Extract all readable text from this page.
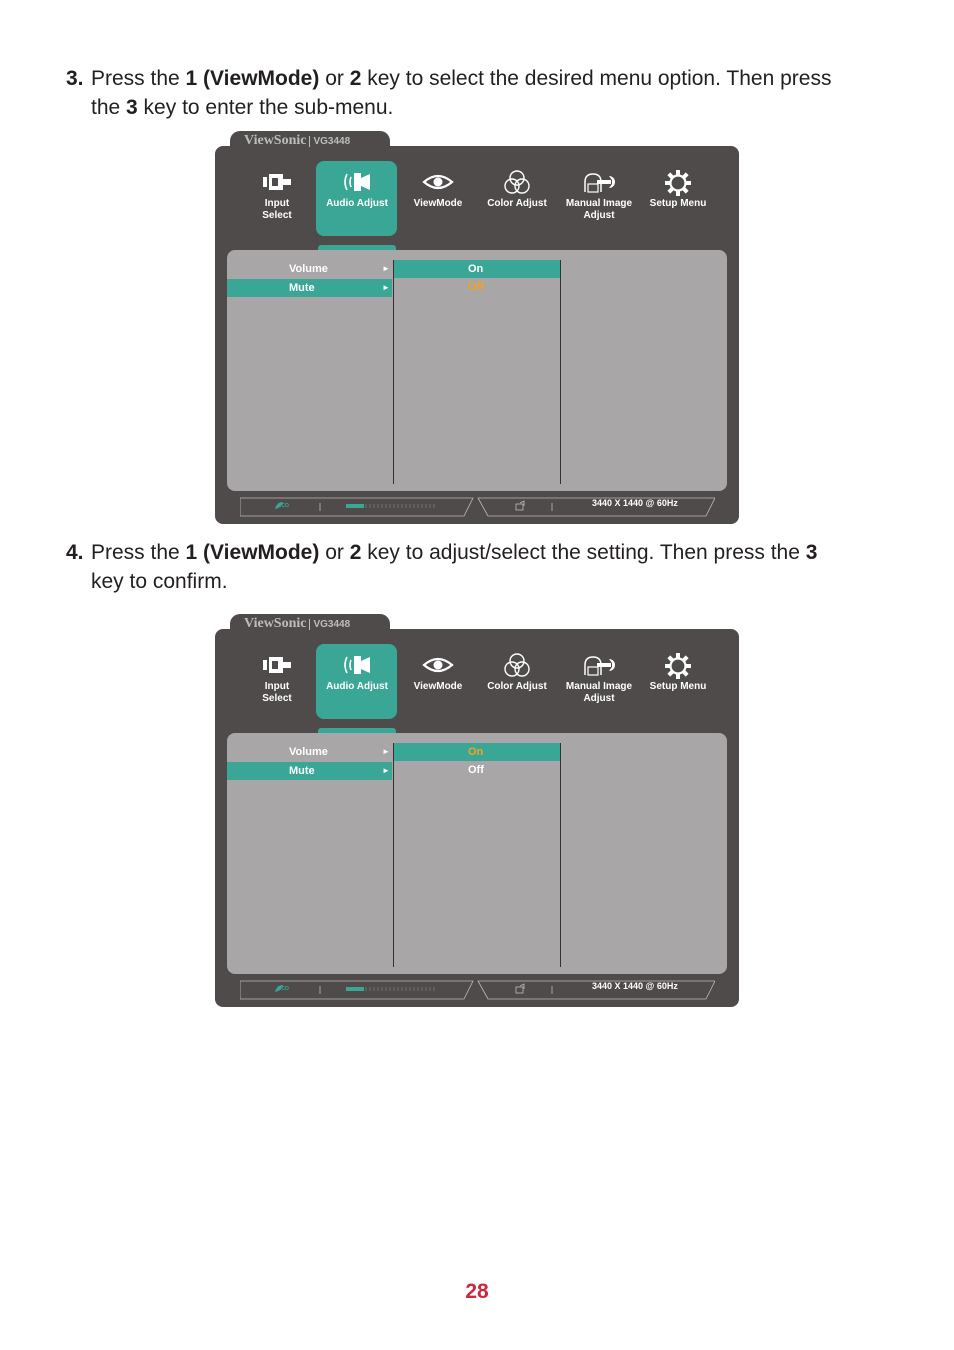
3. Press the 1 (ViewMode) or 2 key to select the desired menu option. Then press
the 3 key to enter the sub-menu.
4. Press the 1 (ViewMode) or 2 key to adjust/select the setting. Then press the 3
key to confirm.
ViewSonic VG3448
Input
Select
Audio Adjust	ViewMode	Color Adjust	Manual Image
Adjust
Setup Menu
Volume	►
Mute	►
On
Off
ECO	3440 X 1440 @ 60Hz
ViewSonic VG3448
Input
Select
Audio Adjust	ViewMode	Color Adjust	Manual Image
Adjust
Setup Menu
Volume	►
Mute	►
On
Off
ECO	3440 X 1440 @ 60Hz
28
